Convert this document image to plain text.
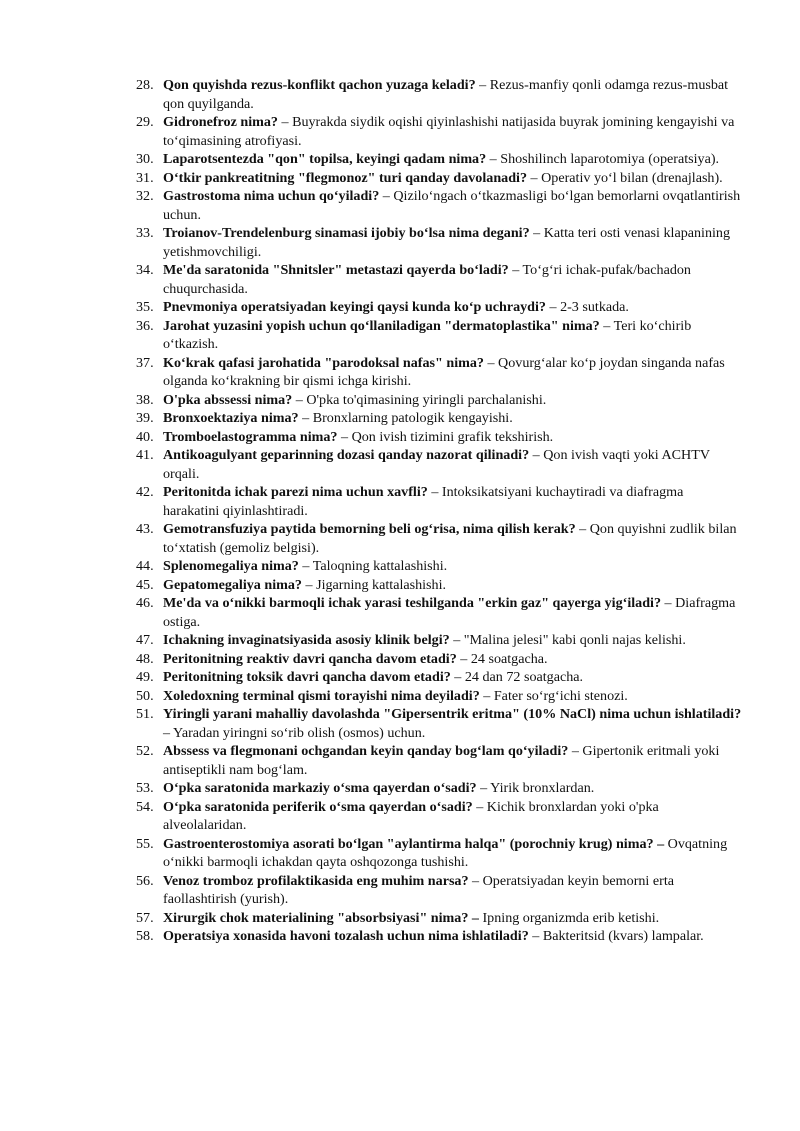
28. Qon quyishda rezus-konflikt qachon yuzaga keladi? – Rezus-manfiy qonli odamga rezus-musbat qon quyilganda.
29. Gidronefroz nima? – Buyrakda siydik oqishi qiyinlashishi natijasida buyrak jomining kengayishi va to‘qimasining atrofiyasi.
30. Laparotsentezda "qon" topilsa, keyingi qadam nima? – Shoshilinch laparotomiya (operatsiya).
31. O‘tkir pankreatitning "flegmonoz" turi qanday davolanadi? – Operativ yo‘l bilan (drenajlash).
32. Gastrostoma nima uchun qo‘yiladi? – Qizilo‘ngach o‘tkazmasligi bo‘lgan bemorlarni ovqatlantirish uchun.
33. Troianov-Trendelenburg sinamasi ijobiy bo‘lsa nima degani? – Katta teri osti venasi klapanining yetishmovchiligi.
34. Me'da saratonida "Shnitsler" metastazi qayerda bo‘ladi? – To‘g‘ri ichak-pufak/bachadon chuqurchasida.
35. Pnevmoniya operatsiyadan keyingi qaysi kunda ko‘p uchraydi? – 2-3 sutkada.
36. Jarohat yuzasini yopish uchun qo‘llaniladigan "dermatoplastika" nima? – Teri ko‘chirib o‘tkazish.
37. Ko‘krak qafasi jarohatida "parodoksal nafas" nima? – Qovurg‘alar ko‘p joydan singanda nafas olganda ko‘krakning bir qismi ichga kirishi.
38. O'pka abssessi nima? – O'pka to'qimasining yiringli parchalanishi.
39. Bronxoektaziya nima? – Bronxlarning patologik kengayishi.
40. Tromboelastogramma nima? – Qon ivish tizimini grafik tekshirish.
41. Antikoagulyant geparinning dozasi qanday nazorat qilinadi? – Qon ivish vaqti yoki ACHTV orqali.
42. Peritonitda ichak parezi nima uchun xavfli? – Intoksikatsiyani kuchaytiradi va diafragma harakatini qiyinlashtiradi.
43. Gemotransfuziya paytida bemorning beli og‘risa, nima qilish kerak? – Qon quyishni zudlik bilan to‘xtatish (gemoliz belgisi).
44. Splenomegaliya nima? – Taloqning kattalashishi.
45. Gepatomegaliya nima? – Jigarning kattalashishi.
46. Me'da va o‘nikki barmoqli ichak yarasi teshilganda "erkin gaz" qayerga yig‘iladi? – Diafragma ostiga.
47. Ichakning invaginatsiyasida asosiy klinik belgi? – "Malina jelesi" kabi qonli najas kelishi.
48. Peritonitning reaktiv davri qancha davom etadi? – 24 soatgacha.
49. Peritonitning toksik davri qancha davom etadi? – 24 dan 72 soatgacha.
50. Xoledoxning terminal qismi torayishi nima deyiladi? – Fater so‘rg‘ichi stenozi.
51. Yiringli yarani mahalliy davolashda "Gipersentrik eritma" (10% NaCl) nima uchun ishlatiladi? – Yaradan yiringni so‘rib olish (osmos) uchun.
52. Abssess va flegmonani ochgandan keyin qanday bog‘lam qo‘yiladi? – Gipertonik eritmali yoki antiseptikli nam bog‘lam.
53. O‘pka saratonida markaziy o‘sma qayerdan o‘sadi? – Yirik bronxlardan.
54. O‘pka saratonida periferik o‘sma qayerdan o‘sadi? – Kichik bronxlardan yoki o'pka alveolalaridan.
55. Gastroenterostomiya asorati bo‘lgan "aylantirma halqa" (porochniy krug) nima? – Ovqatning o‘nikki barmoqli ichakdan qayta oshqozonga tushishi.
56. Venoz tromboz profilaktikasida eng muhim narsa? – Operatsiyadan keyin bemorni erta faollashtirish (yurish).
57. Xirurgik chok materialining "absorbsiyasi" nima? – Ipning organizmda erib ketishi.
58. Operatsiya xonasida havoni tozalash uchun nima ishlatiladi? – Bakteritsid (kvars) lampalar.
